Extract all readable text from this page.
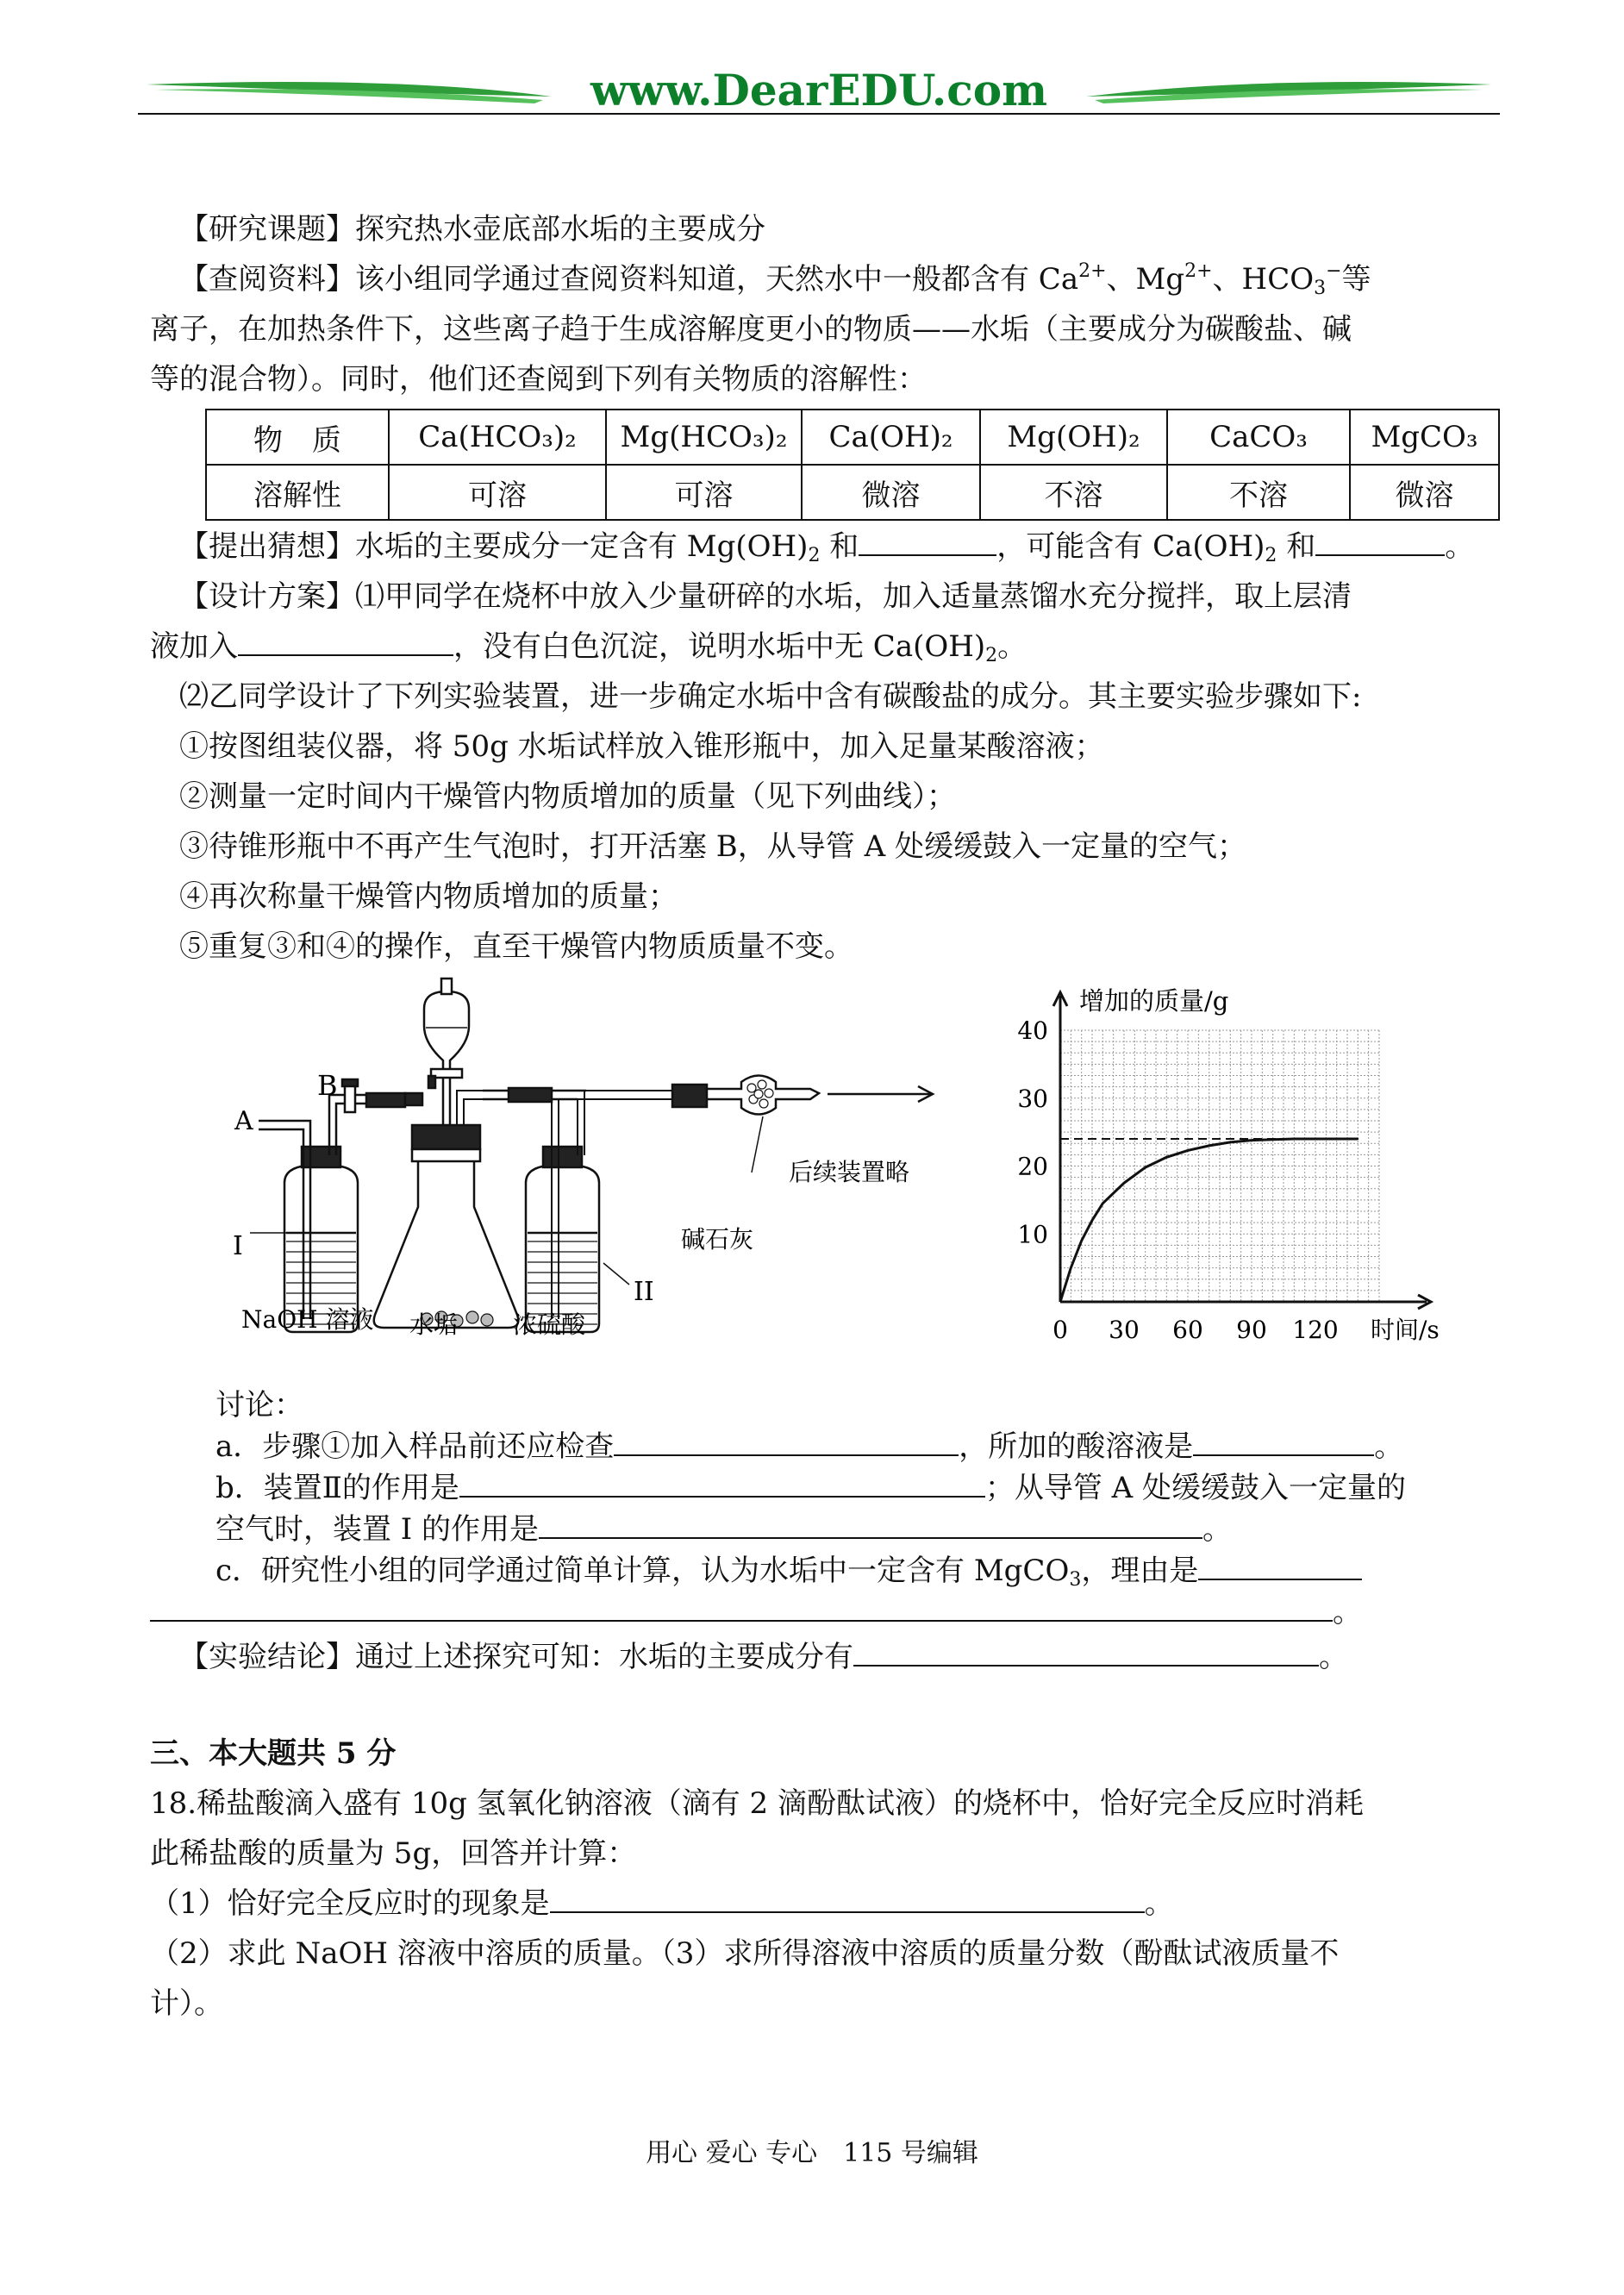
www.DearEDU.com
【研究课题】探究热水壶底部水垢的主要成分
【查阅资料】该小组同学通过查阅资料知道，天然水中一般都含有 $Ca^{2+}$、$Mg^{2+}$、$HCO_3^-$等
离子，在加热条件下，这些离子趋于生成溶解度更小的物质——水垢（主要成分为碳酸盐、碱
等的混合物）。同时，他们还查阅到下列有关物质的溶解性：
物　质	Ca(HCO₃)₂	Mg(HCO₃)₂	Ca(OH)₂	Mg(OH)₂	CaCO₃	MgCO₃
溶解性	可溶	可溶	微溶	不溶	不溶	微溶
【提出猜想】水垢的主要成分一定含有 $Mg(OH)_2$ 和	，可能含有 $Ca(OH)_2$ 和	。
【设计方案】⑴甲同学在烧杯中放入少量研碎的水垢，加入适量蒸馏水充分搅拌，取上层清
液加入	，没有白色沉淀，说明水垢中无 $Ca(OH)_2$。
⑵乙同学设计了下列实验装置，进一步确定水垢中含有碳酸盐的成分。其主要实验步骤如下:
①按图组装仪器，将 50g 水垢试样放入锥形瓶中，加入足量某酸溶液；
②测量一定时间内干燥管内物质增加的质量（见下列曲线）；
③待锥形瓶中不再产生气泡时，打开活塞 B，从导管 A 处缓缓鼓入一定量的空气；
④再次称量干燥管内物质增加的质量；
⑤重复③和④的操作，直至干燥管内物质质量不变。
A
B
I
II
NaOH 溶液 水垢 浓硫酸
碱石灰
后续装置略
0 30 60 90 120
10
20
30
40
增加的质量/g
时间/s
讨论：
a．步骤①加入样品前还应检查	，所加的酸溶液是	。
b．装置Ⅱ的作用是	；从导管 A 处缓缓鼓入一定量的
空气时，装置 I 的作用是	。
c．研究性小组的同学通过简单计算，认为水垢中一定含有 MgCO$_3$，理由是
。
【实验结论】通过上述探究可知：水垢的主要成分有	。
三、本大题共 5 分
18.稀盐酸滴入盛有 10g 氢氧化钠溶液（滴有 2 滴酚酞试液）的烧杯中，恰好完全反应时消耗
此稀盐酸的质量为 5g，回答并计算：
（1）恰好完全反应时的现象是	。
（2）求此 NaOH 溶液中溶质的质量。（3）求所得溶液中溶质的质量分数（酚酞试液质量不
计）。
用心 爱心 专心　115 号编辑
